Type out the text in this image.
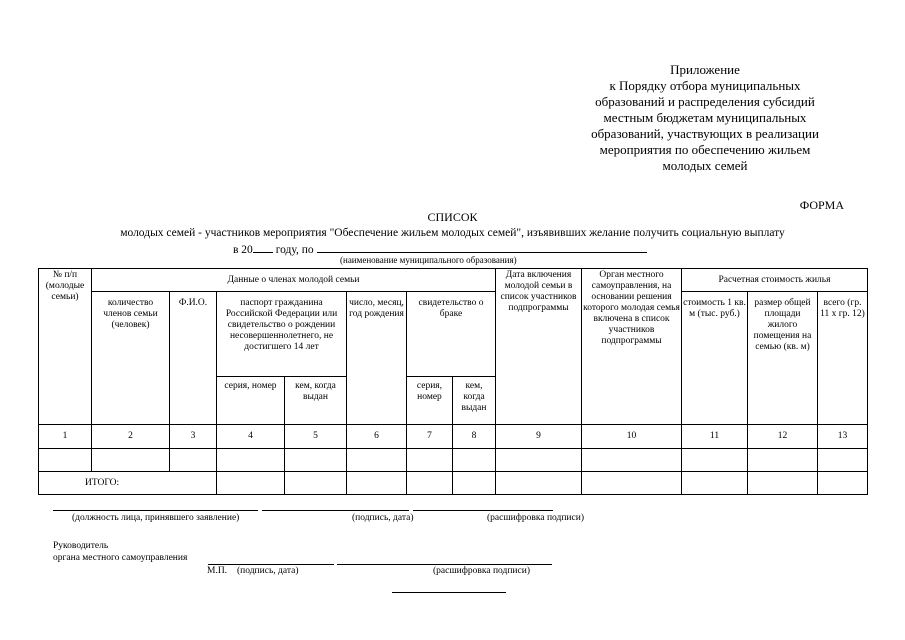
Приложение
к Порядку отбора муниципальных
образований и распределения субсидий
местным бюджетам муниципальных
образований, участвующих в реализации
мероприятия по обеспечению жильем
молодых семей
ФОРМА
СПИСОК
молодых семей - участников мероприятия "Обеспечение жильем молодых семей", изъявивших желание получить социальную выплату
в 20 году, по
(наименование муниципального образования)
№ п/п (молодые семьи)	Данные о членах молодой семьи							Дата включения молодой семьи в список участников подпрограммы	Орган местного самоуправления, на основании решения которого молодая семья включена в список участников подпрограммы	Расчетная стоимость жилья		
	количество членов семьи (человек)	Ф.И.О.	паспорт гражданина Российской Федерации или свидетельство о рождении несовершеннолетнего, не достигшего 14 лет		число, месяц, год рождения	свидетельство о браке				стоимость 1 кв. м (тыс. руб.)	размер общей площади жилого помещения на семью (кв. м)	всего (гр. 11 x гр. 12)
			серия, номер	кем, когда выдан		серия, номер	кем, когда выдан					
1	2	3	4	5	6	7	8	9	10	11	12	13

ИТОГО:												
(должность лица, принявшего заявление)	(подпись, дата)	(расшифровка подписи)
Руководитель
органа местного самоуправления
М.П. (подпись, дата)	(расшифровка подписи)
